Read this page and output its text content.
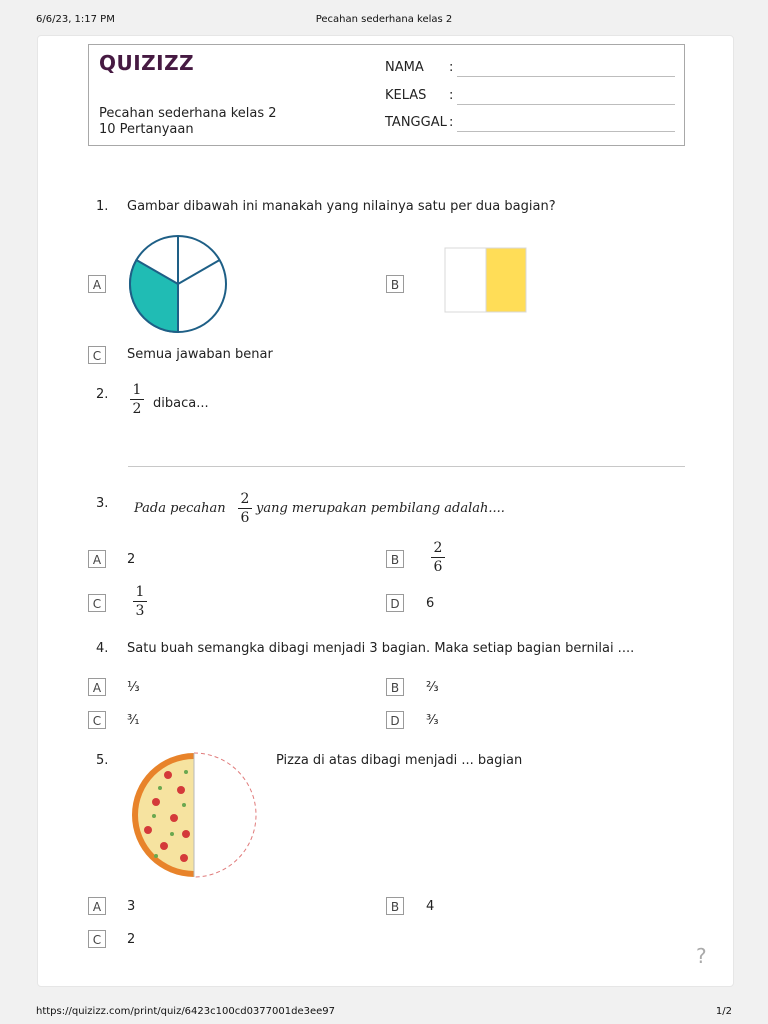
6/6/23, 1:17 PM	Pecahan sederhana kelas 2
QUIZIZZ
Pecahan sederhana kelas 2
10 Pertanyaan
NAMA :
KELAS :
TANGGAL :
1. Gambar dibawah ini manakah yang nilainya satu per dua bagian?
A	B
C	Semua jawaban benar
2. 1
2 dibaca...
3. Pada pecahan
2
6
yang merupakan pembilang adalah....
A	2	B
2
6
C
1
3	D	6
4. Satu buah semangka dibagi menjadi 3 bagian. Maka setiap bagian bernilai ....
A	⅓	B	⅔
C	³⁄₁	D	³⁄₃
5.	Pizza di atas dibagi menjadi ... bagian
A	3	B	4
C	2
?
https://quizizz.com/print/quiz/6423c100cd0377001de3ee97	1/2
